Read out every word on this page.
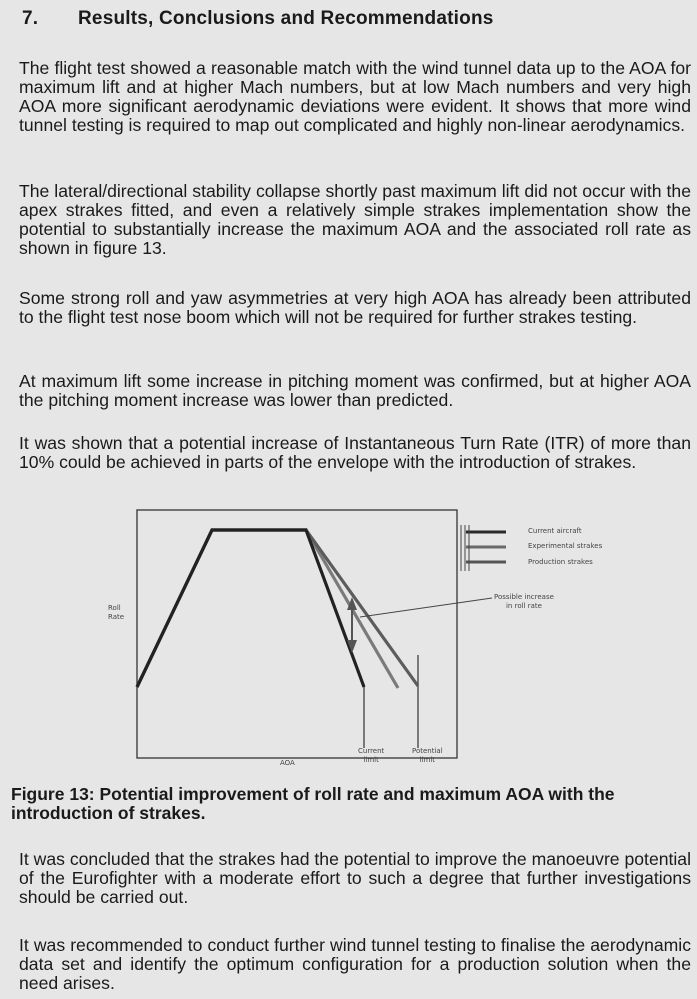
7. Results, Conclusions and Recommendations
The flight test showed a reasonable match with the wind tunnel data up to the AOA for maximum lift and at higher Mach numbers, but at low Mach numbers and very high AOA more significant aerodynamic deviations were evident. It shows that more wind tunnel testing is required to map out complicated and highly non-linear aerodynamics.
The lateral/directional stability collapse shortly past maximum lift did not occur with the apex strakes fitted, and even a relatively simple strakes implementation show the potential to substantially increase the maximum AOA and the associated roll rate as shown in figure 13.
Some strong roll and yaw asymmetries at very high AOA has already been attributed to the flight test nose boom which will not be required for further strakes testing.
At maximum lift some increase in pitching moment was confirmed, but at higher AOA the pitching moment increase was lower than predicted.
It was shown that a potential increase of Instantaneous Turn Rate (ITR) of more than 10% could be achieved in parts of the envelope with the introduction of strakes.
Roll
Rate
AOA
Current aircraft
Experimental strakes
Production strakes
Possible increase
in roll rate
Current
limit
Potential
limit
Figure 13: Potential improvement of roll rate and maximum AOA with the introduction of strakes.
It was concluded that the strakes had the potential to improve the manoeuvre potential of the Eurofighter with a moderate effort to such a degree that further investigations should be carried out.
It was recommended to conduct further wind tunnel testing to finalise the aerodynamic data set and identify the optimum configuration for a production solution when the need arises.
